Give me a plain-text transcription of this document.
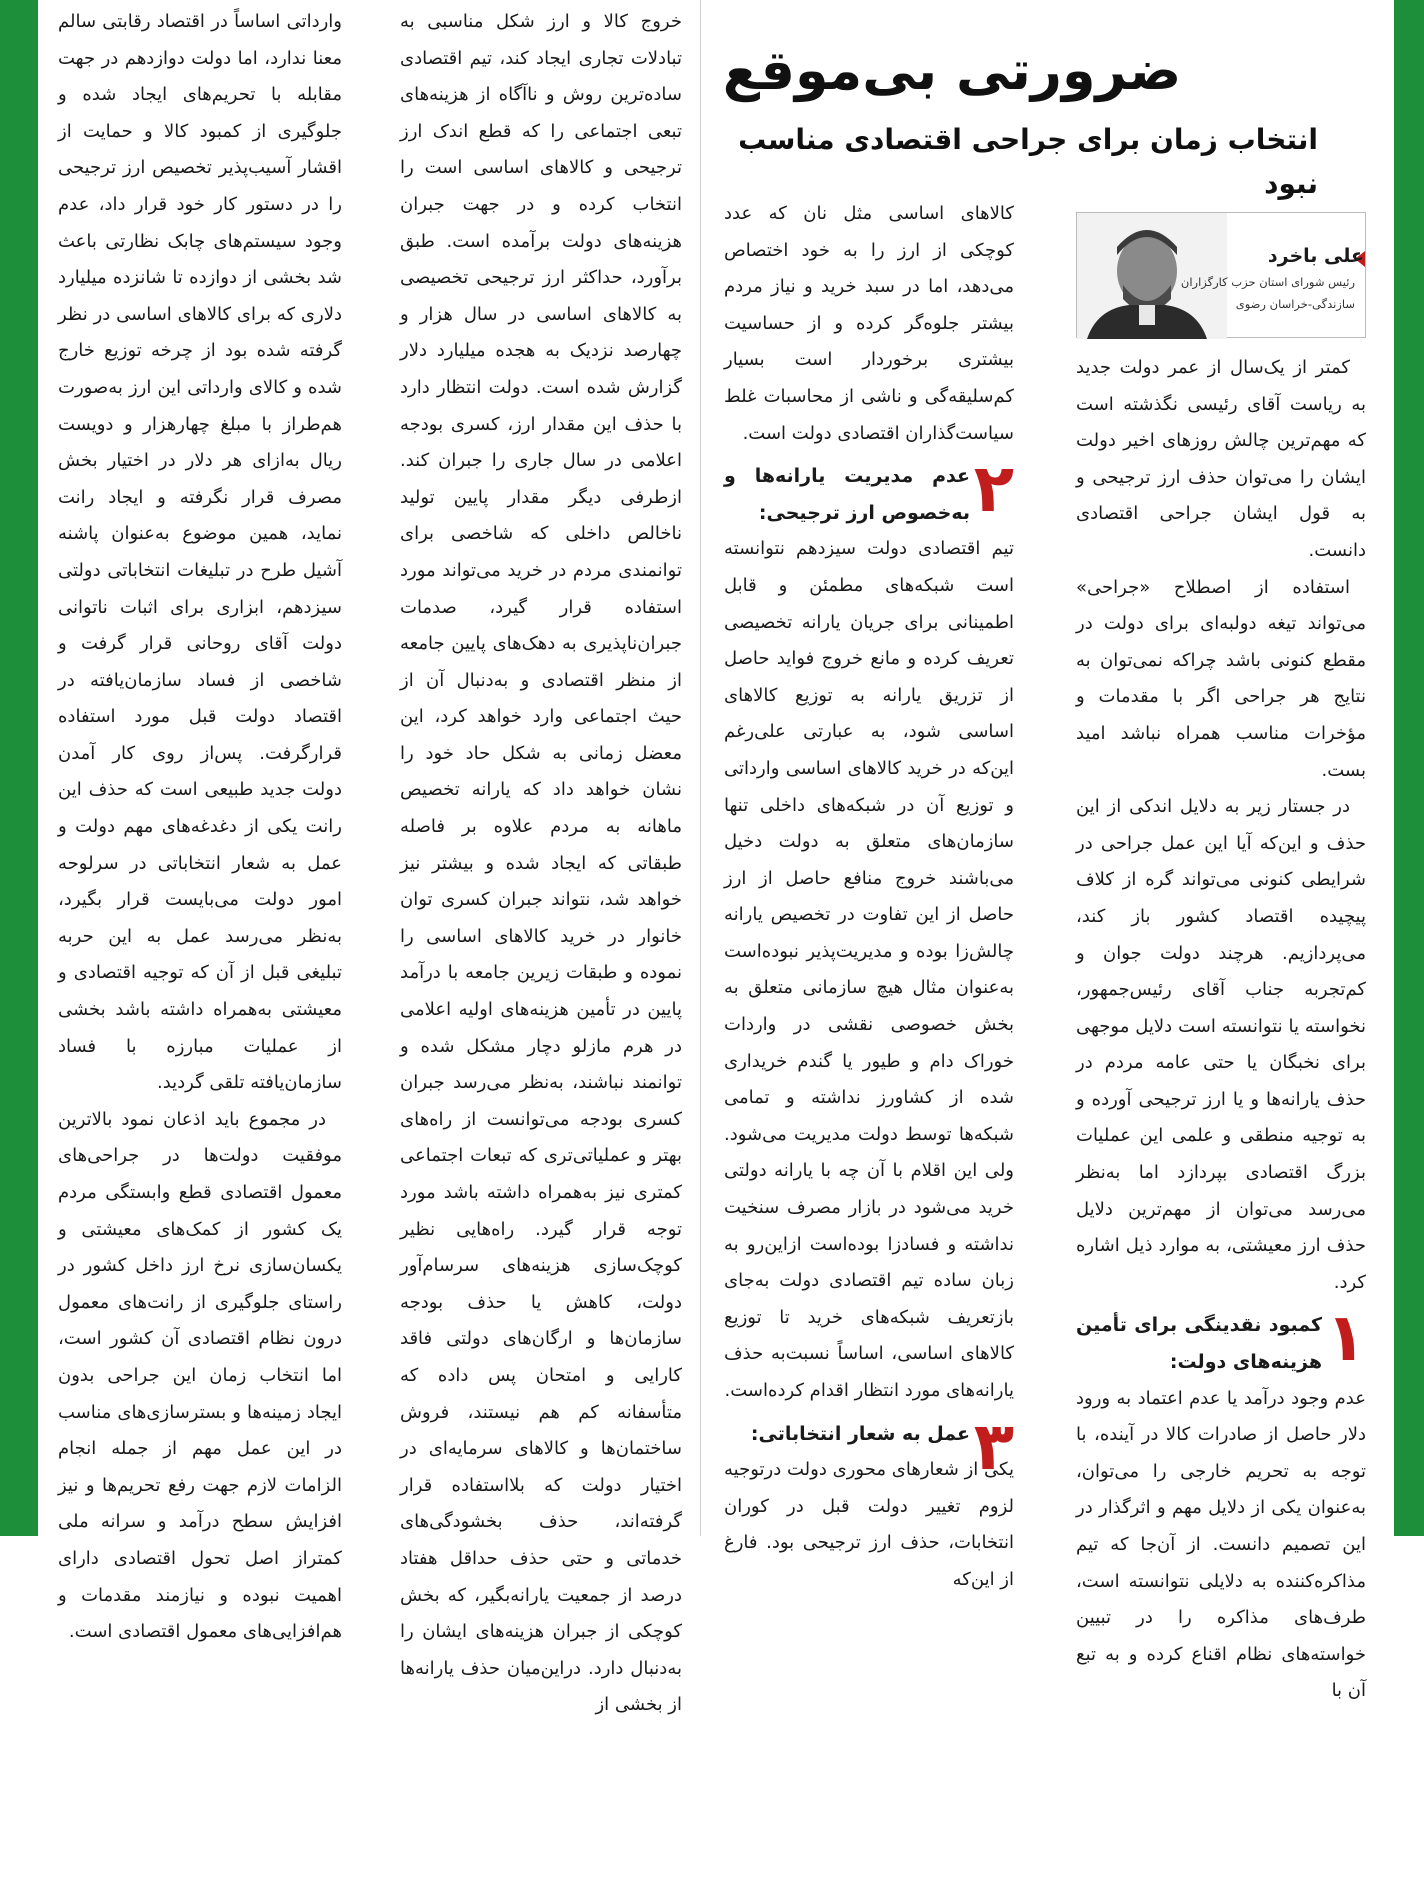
ضرورتی بی‌موقع
انتخاب زمان برای جراحی اقتصادی مناسب نبود

علی باخرد

رئیس شورای استان حزب کارگزاران
سازندگی-خراسان رضوی

کمتر از یک‌سال از عمر دولت جدید به ریاست آقای رئیسی نگذشته است که مهم‌ترین چالش روزهای اخیر دولت ایشان را می‌توان حذف ارز ترجیحی و به قول ایشان جراحی اقتصادی دانست.

استفاده از اصطلاح «جراحی» می‌تواند تیغه دولبه‌ای برای دولت در مقطع کنونی باشد چراکه نمی‌توان به نتایج هر جراحی اگر با مقدمات و مؤخرات مناسب همراه نباشد امید بست.

در جستار زیر به دلایل اندکی از این حذف و این‌که آیا این عمل جراحی در شرایطی کنونی می‌تواند گره از کلاف پیچیده اقتصاد کشور باز کند، می‌پردازیم. هرچند دولت جوان و کم‌تجربه جناب آقای رئیس‌جمهور، نخواسته یا نتوانسته است دلایل موجهی برای نخبگان یا حتی عامه مردم در حذف یارانه‌ها و یا ارز ترجیحی آورده و به توجیه منطقی و علمی این عملیات بزرگ اقتصادی بپردازد اما به‌نظر می‌رسد می‌توان از مهم‌ترین دلایل حذف ارز معیشتی، به موارد ذیل اشاره کرد.

۱

کمبود نقدینگی برای تأمین هزینه‌های دولت:

عدم وجود درآمد یا عدم اعتماد به ورود دلار حاصل از صادرات کالا در آینده، با توجه به تحریم خارجی را می‌توان، به‌عنوان یکی از دلایل مهم و اثرگذار در این تصمیم دانست. از آن‌جا که تیم مذاکره‌کننده به دلایلی نتوانسته است، طرف‌های مذاکره را در تبیین خواسته‌های نظام اقناع کرده و به تبع آن با

کالاهای اساسی مثل نان که عدد کوچکی از ارز را به خود اختصاص می‌دهد، اما در سبد خرید و نیاز مردم بیشتر جلوه‌گر کرده و از حساسیت بیشتری برخوردار است بسیار کم‌سلیقه‌گی و ناشی از محاسبات غلط سیاست‌گذاران اقتصادی دولت است.

۲

عدم مدیریت یارانه‌ها و به‌خصوص ارز ترجیحی:

تیم اقتصادی دولت سیزدهم نتوانسته است شبکه‌های مطمئن و قابل اطمینانی برای جریان یارانه تخصیصی تعریف کرده و مانع خروج فواید حاصل از تزریق یارانه به توزیع کالاهای اساسی شود، به عبارتی علی‌رغم این‌که در خرید کالاهای اساسی وارداتی و توزیع آن در شبکه‌های داخلی تنها سازمان‌های متعلق به دولت دخیل می‌باشند خروج منافع حاصل از ارز حاصل از این تفاوت در تخصیص یارانه چالش‌زا بوده و مدیریت‌پذیر نبوده‌است به‌عنوان مثال هیچ سازمانی متعلق به بخش خصوصی نقشی در واردات خوراک دام و طیور یا گندم خریداری شده از کشاورز نداشته و تمامی شبکه‌ها توسط دولت مدیریت می‌شود. ولی این اقلام با آن چه با یارانه دولتی خرید می‌شود در بازار مصرف سنخیت نداشته و فسادزا بوده‌است ازاین‌رو به زبان ساده تیم اقتصادی دولت به‌جای بازتعریف شبکه‌های خرید تا توزیع کالاهای اساسی، اساساً نسبت‌به حذف یارانه‌های مورد انتظار اقدام کرده‌است.

۳

عمل به شعار انتخاباتی:

یکی از شعارهای محوری دولت درتوجیه لزوم تغییر دولت قبل در کوران انتخابات، حذف ارز ترجیحی بود. فارغ از این‌که

خروج کالا و ارز شکل مناسبی به تبادلات تجاری ایجاد کند، تیم اقتصادی ساده‌ترین روش و ناآگاه از هزینه‌های تبعی اجتماعی را که قطع اندک ارز ترجیحی و کالاهای اساسی است را انتخاب کرده و در جهت جبران هزینه‌های دولت برآمده است. طبق برآورد، حداکثر ارز ترجیحی تخصیصی به کالاهای اساسی در سال هزار و چهارصد نزدیک به هجده میلیارد دلار گزارش شده است. دولت انتظار دارد با حذف این مقدار ارز، کسری بودجه اعلامی در سال جاری را جبران کند. ازطرفی دیگر مقدار پایین تولید ناخالص داخلی که شاخصی برای توانمندی مردم در خرید می‌تواند مورد استفاده قرار گیرد، صدمات جبران‌ناپذیری به دهک‌های پایین جامعه از منظر اقتصادی و به‌دنبال آن از حیث اجتماعی وارد خواهد کرد، این معضل زمانی به شکل حاد خود را نشان خواهد داد که یارانه تخصیص ماهانه به مردم علاوه بر فاصله طبقاتی که ایجاد شده و بیشتر نیز خواهد شد، نتواند جبران کسری توان خانوار در خرید کالاهای اساسی را نموده و طبقات زیرین جامعه با درآمد پایین در تأمین هزینه‌های اولیه اعلامی در هرم مازلو دچار مشکل شده و توانمند نباشند، به‌نظر می‌رسد جبران کسری بودجه می‌توانست از راه‌های بهتر و عملیاتی‌تری که تبعات اجتماعی کمتری نیز به‌همراه داشته باشد مورد توجه قرار گیرد. راه‌هایی نظیر کوچک‌سازی هزینه‌های سرسام‌آور دولت، کاهش یا حذف بودجه سازمان‌ها و ارگان‌های دولتی فاقد کارایی و امتحان پس داده که متأسفانه کم هم نیستند، فروش ساختمان‌ها و کالاهای سرمایه‌ای در اختیار دولت که بلااستفاده قرار گرفته‌اند، حذف بخشودگی‌های خدماتی و حتی حذف حداقل هفتاد درصد از جمعیت یارانه‌بگیر، که بخش کوچکی از جبران هزینه‌های ایشان را به‌دنبال دارد. دراین‌میان حذف یارانه‌ها از بخشی از

وارداتی اساساً در اقتصاد رقابتی سالم معنا ندارد، اما دولت دوازدهم در جهت مقابله با تحریم‌های ایجاد شده و جلوگیری از کمبود کالا و حمایت از اقشار آسیب‌پذیر تخصیص ارز ترجیحی را در دستور کار خود قرار داد، عدم وجود سیستم‌های چابک نظارتی باعث شد بخشی از دوازده تا شانزده میلیارد دلاری که برای کالاهای اساسی در نظر گرفته شده بود از چرخه توزیع خارج شده و کالای وارداتی این ارز به‌صورت هم‌طراز با مبلغ چهارهزار و دویست ریال به‌ازای هر دلار در اختیار بخش مصرف قرار نگرفته و ایجاد رانت نماید، همین موضوع به‌عنوان پاشنه آشیل طرح در تبلیغات انتخاباتی دولتی سیزدهم، ابزاری برای اثبات ناتوانی دولت آقای روحانی قرار گرفت و شاخصی از فساد سازمان‌یافته در اقتصاد دولت قبل مورد استفاده قرارگرفت. پس‌از روی کار آمدن دولت جدید طبیعی است که حذف این رانت یکی از دغدغه‌های مهم دولت و عمل به شعار انتخاباتی در سرلوحه امور دولت می‌بایست قرار بگیرد، به‌نظر می‌رسد عمل به این حربه تبلیغی قبل از آن که توجیه اقتصادی و معیشتی به‌همراه داشته باشد بخشی از عملیات مبارزه با فساد سازمان‌یافته تلقی گردید.

در مجموع باید اذعان نمود بالاترین موفقیت دولت‌ها در جراحی‌های معمول اقتصادی قطع وابستگی مردم یک کشور از کمک‌های معیشتی و یکسان‌سازی نرخ ارز داخل کشور در راستای جلوگیری از رانت‌های معمول درون نظام اقتصادی آن کشور است، اما انتخاب زمان این جراحی بدون ایجاد زمینه‌ها و بسترسازی‌های مناسب در این عمل مهم از جمله انجام الزامات لازم جهت رفع تحریم‌ها و نیز افزایش سطح درآمد و سرانه ملی کمتراز اصل تحول اقتصادی دارای اهمیت نبوده و نیازمند مقدمات و هم‌افزایی‌های معمول اقتصادی است.
